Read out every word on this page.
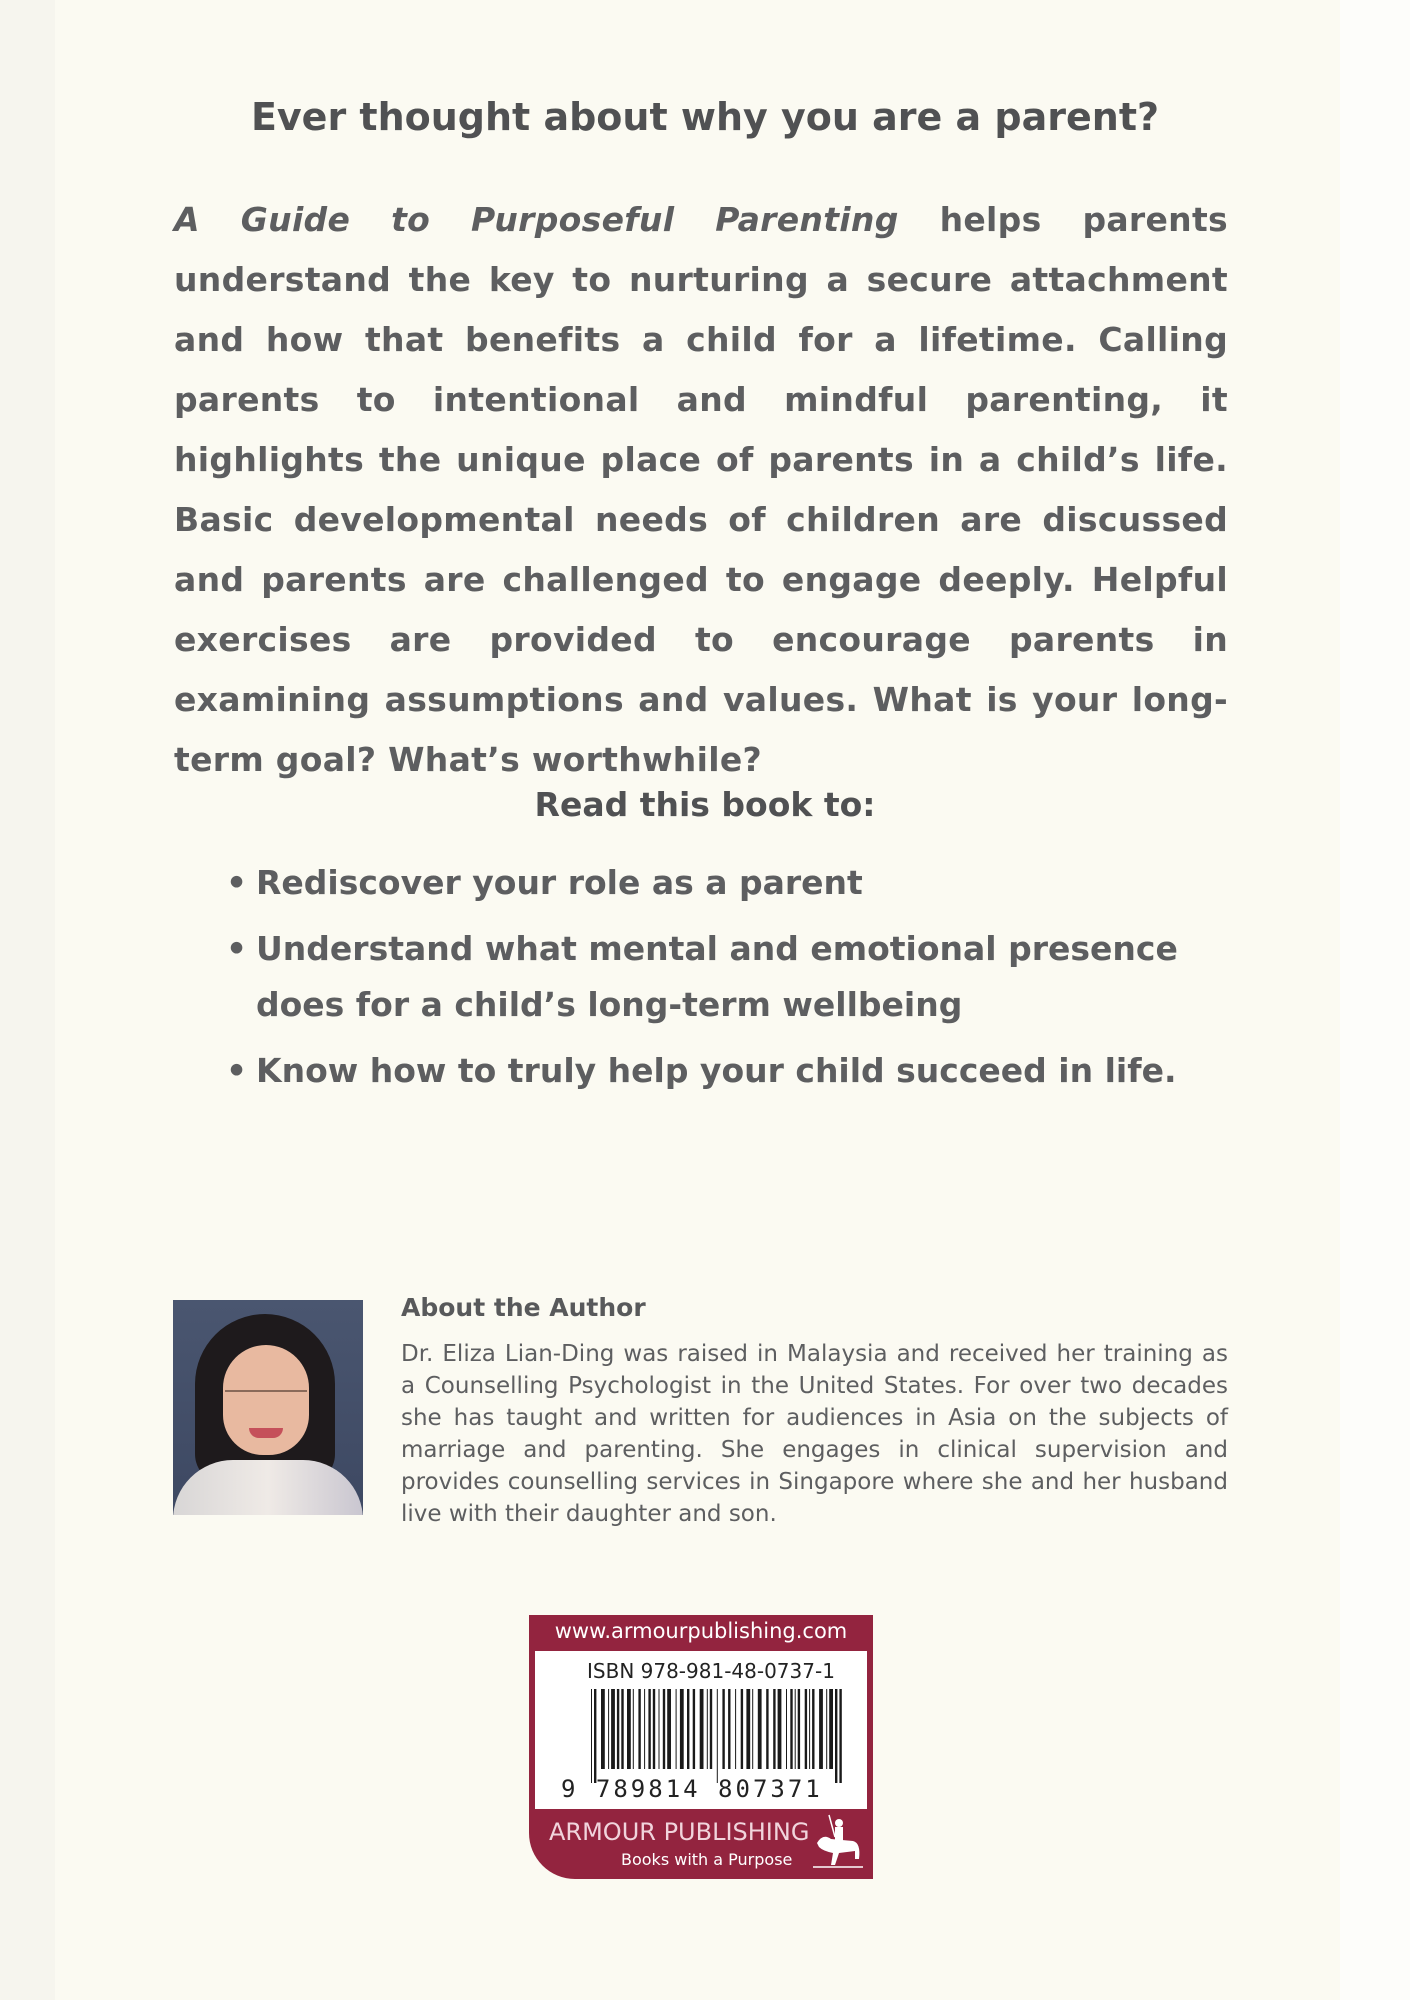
Ever thought about why you are a parent?
A Guide to Purposeful Parenting helps parents understand the key to nurturing a secure attachment and how that benefits a child for a lifetime. Calling parents to intentional and mindful parenting, it highlights the unique place of parents in a child’s life. Basic developmental needs of children are discussed and parents are challenged to engage deeply. Helpful exercises are provided to encourage parents in examining assumptions and values. What is your long-term goal? What’s worthwhile?
Read this book to:
• Rediscover your role as a parent
• Understand what mental and emotional presence does for a child’s long-term wellbeing
• Know how to truly help your child succeed in life.
About the Author
Dr. Eliza Lian-Ding was raised in Malaysia and received her training as a Counselling Psychologist in the United States. For over two decades she has taught and written for audiences in Asia on the subjects of marriage and parenting. She engages in clinical supervision and provides counselling services in Singapore where she and her husband live with their daughter and son.
www.armourpublishing.com
ISBN 978-981-48-0737-1
9 789814 807371
ARMOUR PUBLISHING
Books with a Purpose
